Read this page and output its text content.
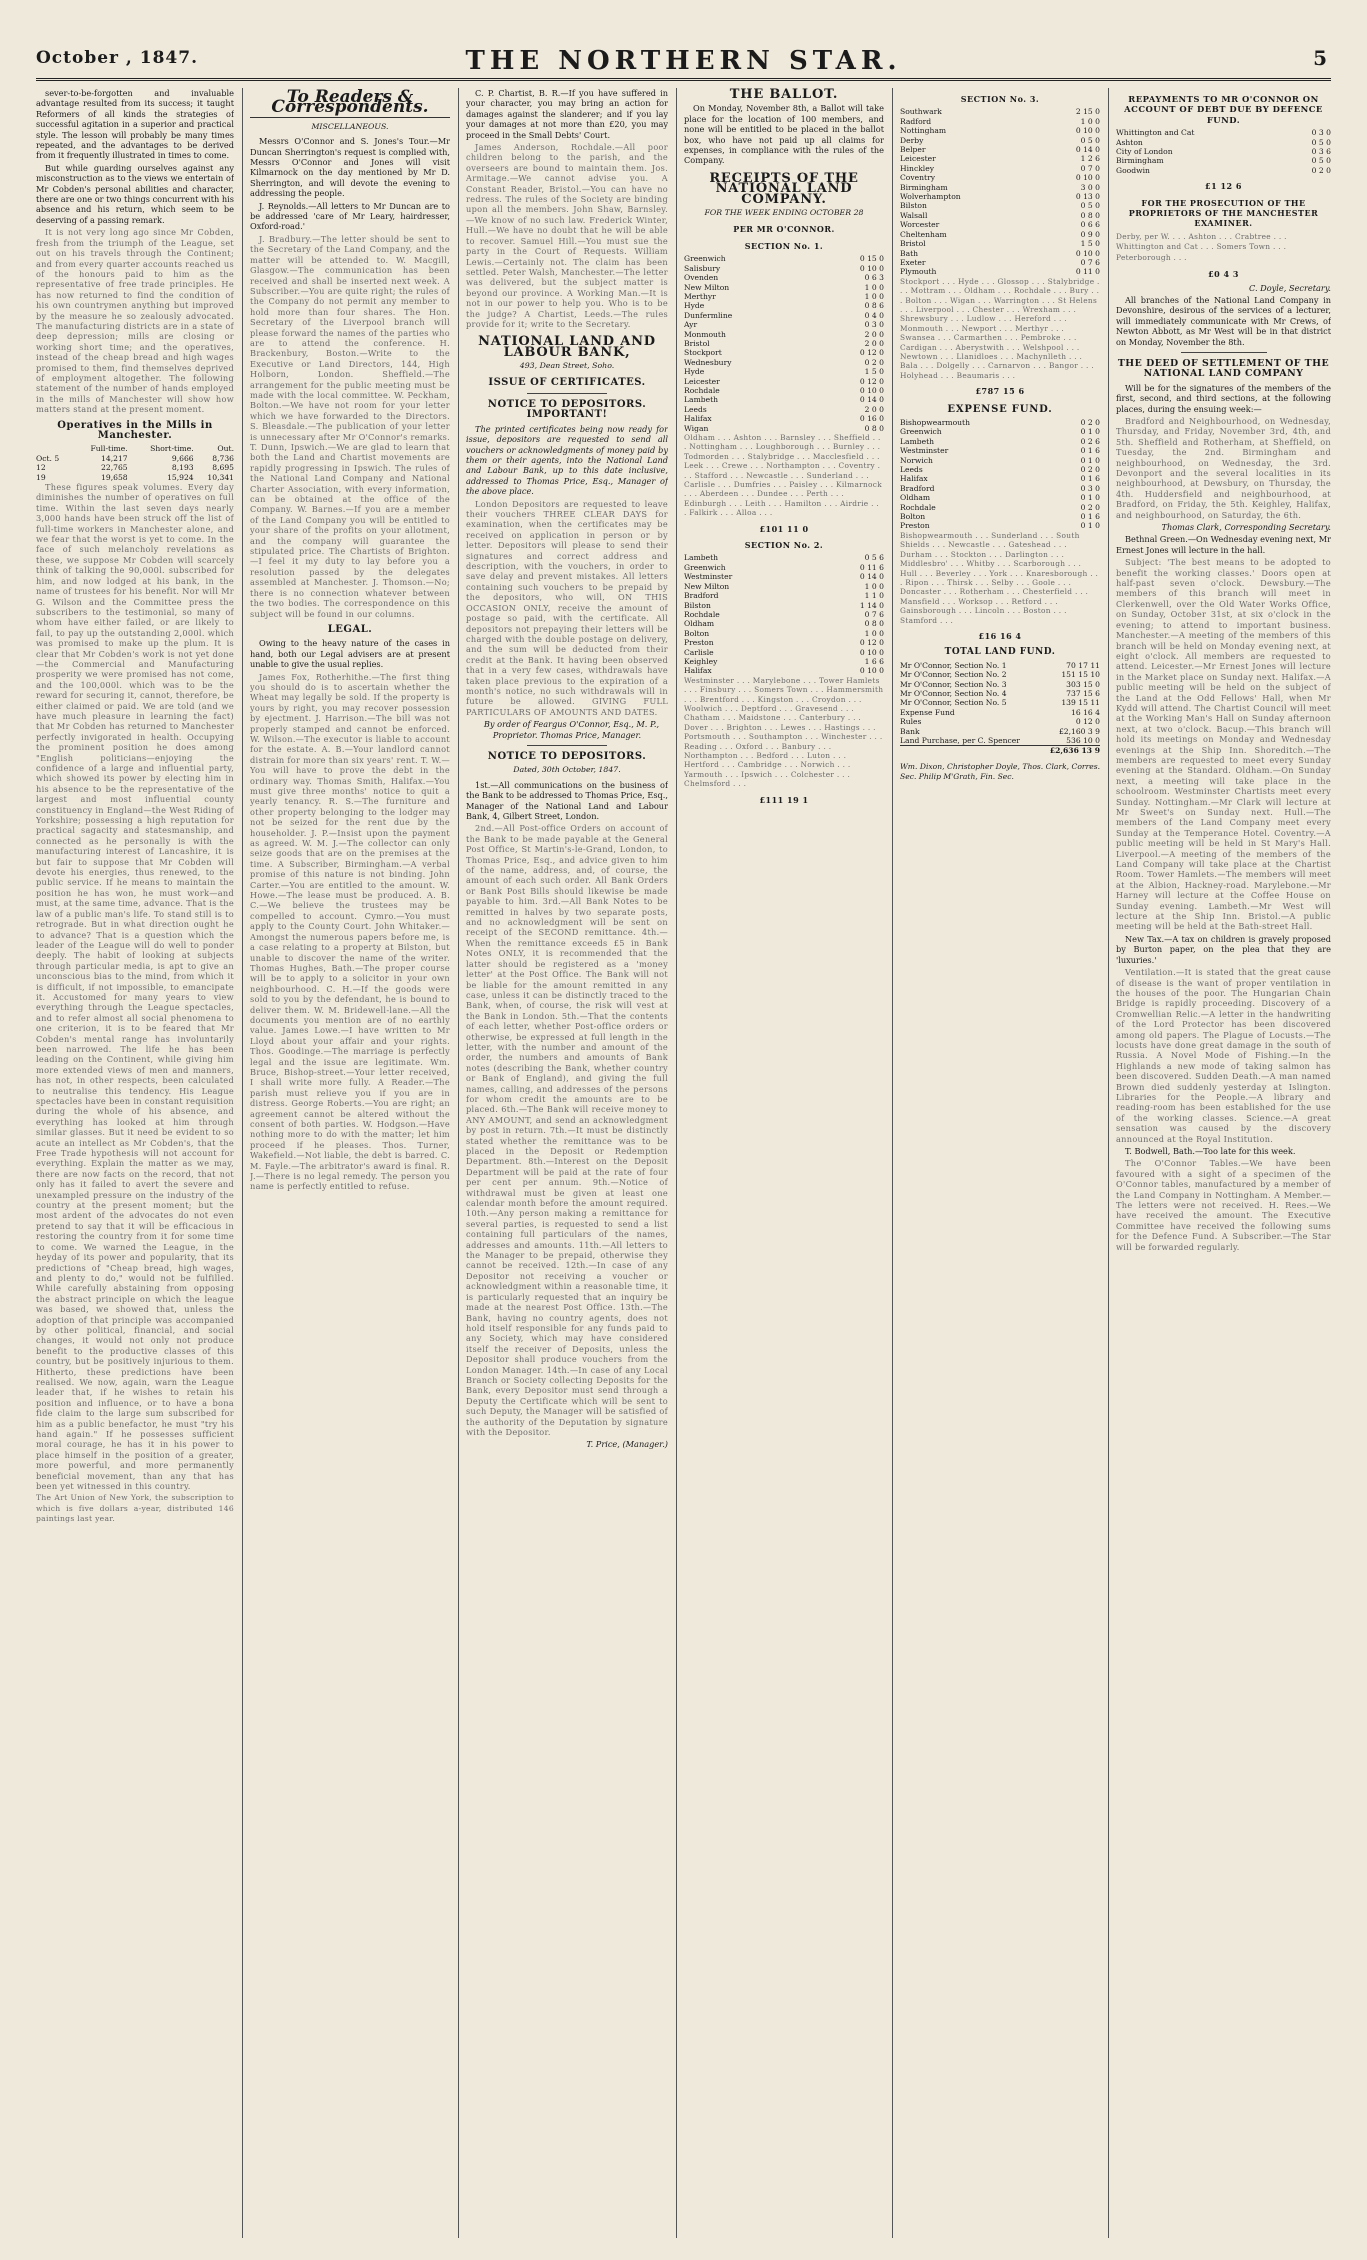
October , 1847.	THE NORTHERN STAR.	5

sever-to-be-forgotten and invaluable advantage resulted from its success; it taught Reformers of all kinds the strategies of successful agitation in a superior and practical style. The lesson will probably be many times repeated, and the advantages to be derived from it frequently illustrated in times to come.

But while guarding ourselves against any misconstruction as to the views we entertain of Mr Cobden's personal abilities and character, there are one or two things concurrent with his absence and his return, which seem to be deserving of a passing remark.

It is not very long ago since Mr Cobden, fresh from the triumph of the League, set out on his travels through the Continent; and from every quarter accounts reached us of the honours paid to him as the representative of free trade principles. He has now returned to find the condition of his own countrymen anything but improved by the measure he so zealously advocated. The manufacturing districts are in a state of deep depression; mills are closing or working short time; and the operatives, instead of the cheap bread and high wages promised to them, find themselves deprived of employment altogether. The following statement of the number of hands employed in the mills of Manchester will show how matters stand at the present moment.

Operatives in the Mills in Manchester.
	Full-time.	Short-time.	Out.
Oct. 5	14,217	9,666	8,736
12	22,765	8,193	8,695
19	19,658	15,924	10,341

These figures speak volumes. Every day diminishes the number of operatives on full time. Within the last seven days nearly 3,000 hands have been struck off the list of full-time workers in Manchester alone, and we fear that the worst is yet to come. In the face of such melancholy revelations as these, we suppose Mr Cobden will scarcely think of talking the 90,000l. subscribed for him, and now lodged at his bank, in the name of trustees for his benefit. Nor will Mr G. Wilson and the Committee press the subscribers to the testimonial, so many of whom have either failed, or are likely to fail, to pay up the outstanding 2,000l. which was promised to make up the plum. It is clear that Mr Cobden's work is not yet done—the Commercial and Manufacturing prosperity we were promised has not come, and the 100,000l. which was to be the reward for securing it, cannot, therefore, be either claimed or paid. We are told (and we have much pleasure in learning the fact) that Mr Cobden has returned to Manchester perfectly invigorated in health. Occupying the prominent position he does among "English politicians—enjoying the confidence of a large and influential party, which showed its power by electing him in his absence to be the representative of the largest and most influential county constituency in England—the West Riding of Yorkshire; possessing a high reputation for practical sagacity and statesmanship, and connected as he personally is with the manufacturing interest of Lancashire, it is but fair to suppose that Mr Cobden will devote his energies, thus renewed, to the public service. If he means to maintain the position he has won, he must work—and must, at the same time, advance. That is the law of a public man's life. To stand still is to retrograde. But in what direction ought he to advance? That is a question which the leader of the League will do well to ponder deeply. The habit of looking at subjects through particular media, is apt to give an unconscious bias to the mind, from which it is difficult, if not impossible, to emancipate it. Accustomed for many years to view everything through the League spectacles, and to refer almost all social phenomena to one criterion, it is to be feared that Mr Cobden's mental range has involuntarily been narrowed. The life he has been leading on the Continent, while giving him more extended views of men and manners, has not, in other respects, been calculated to neutralise this tendency. His League spectacles have been in constant requisition during the whole of his absence, and everything has looked at him through similar glasses. But it need be evident to so acute an intellect as Mr Cobden's, that the Free Trade hypothesis will not account for everything. Explain the matter as we may, there are now facts on the record, that not only has it failed to avert the severe and unexampled pressure on the industry of the country at the present moment; but the most ardent of the advocates do not even pretend to say that it will be efficacious in restoring the country from it for some time to come. We warned the League, in the heyday of its power and popularity, that its predictions of "Cheap bread, high wages, and plenty to do," would not be fulfilled. While carefully abstaining from opposing the abstract principle on which the league was based, we showed that, unless the adoption of that principle was accompanied by other political, financial, and social changes, it would not only not produce benefit to the productive classes of this country, but be positively injurious to them. Hitherto, these predictions have been realised. We now, again, warn the League leader that, if he wishes to retain his position and influence, or to have a bona fide claim to the large sum subscribed for him as a public benefactor, he must "try his hand again." If he possesses sufficient moral courage, he has it in his power to place himself in the position of a greater, more powerful, and more permanently beneficial movement, than any that has been yet witnessed in this country.

The Art Union of New York, the subscription to which is five dollars a-year, distributed 146 paintings last year.

To Readers & Correspondents.
MISCELLANEOUS.

Messrs O'Connor and S. Jones's Tour.—Mr Duncan Sherrington's request is complied with, Messrs O'Connor and Jones will visit Kilmarnock on the day mentioned by Mr D. Sherrington, and will devote the evening to addressing the people.

J. Reynolds.—All letters to Mr Duncan are to be addressed 'care of Mr Leary, hairdresser, Oxford-road.'

J. Bradbury.—The letter should be sent to the Secretary of the Land Company, and the matter will be attended to. W. Macgill, Glasgow.—The communication has been received and shall be inserted next week. A Subscriber.—You are quite right; the rules of the Company do not permit any member to hold more than four shares. The Hon. Secretary of the Liverpool branch will please forward the names of the parties who are to attend the conference. H. Brackenbury, Boston.—Write to the Executive or Land Directors, 144, High Holborn, London. Sheffield.—The arrangement for the public meeting must be made with the local committee. W. Peckham, Bolton.—We have not room for your letter which we have forwarded to the Directors. S. Bleasdale.—The publication of your letter is unnecessary after Mr O'Connor's remarks. T. Dunn, Ipswich.—We are glad to learn that both the Land and Chartist movements are rapidly progressing in Ipswich. The rules of the National Land Company and National Charter Association, with every information, can be obtained at the office of the Company. W. Barnes.—If you are a member of the Land Company you will be entitled to your share of the profits on your allotment, and the company will guarantee the stipulated price. The Chartists of Brighton.—I feel it my duty to lay before you a resolution passed by the delegates assembled at Manchester. J. Thomson.—No; there is no connection whatever between the two bodies. The correspondence on this subject will be found in our columns.

LEGAL.

Owing to the heavy nature of the cases in hand, both our Legal advisers are at present unable to give the usual replies.

James Fox, Rotherhithe.—The first thing you should do is to ascertain whether the Wheat may legally be sold. If the property is yours by right, you may recover possession by ejectment. J. Harrison.—The bill was not properly stamped and cannot be enforced. W. Wilson.—The executor is liable to account for the estate. A. B.—Your landlord cannot distrain for more than six years' rent. T. W.—You will have to prove the debt in the ordinary way. Thomas Smith, Halifax.—You must give three months' notice to quit a yearly tenancy. R. S.—The furniture and other property belonging to the lodger may not be seized for the rent due by the householder. J. P.—Insist upon the payment as agreed. W. M. J.—The collector can only seize goods that are on the premises at the time. A Subscriber, Birmingham.—A verbal promise of this nature is not binding. John Carter.—You are entitled to the amount. W. Howe.—The lease must be produced. A. B. C.—We believe the trustees may be compelled to account. Cymro.—You must apply to the County Court. John Whitaker.—Amongst the numerous papers before me, is a case relating to a property at Bilston, but unable to discover the name of the writer. Thomas Hughes, Bath.—The proper course will be to apply to a solicitor in your own neighbourhood. C. H.—If the goods were sold to you by the defendant, he is bound to deliver them. W. M. Bridewell-lane.—All the documents you mention are of no earthly value. James Lowe.—I have written to Mr Lloyd about your affair and your rights. Thos. Goodinge.—The marriage is perfectly legal and the issue are legitimate. Wm. Bruce, Bishop-street.—Your letter received, I shall write more fully. A Reader.—The parish must relieve you if you are in distress. George Roberts.—You are right; an agreement cannot be altered without the consent of both parties. W. Hodgson.—Have nothing more to do with the matter; let him proceed if he pleases. Thos. Turner, Wakefield.—Not liable, the debt is barred. C. M. Fayle.—The arbitrator's award is final. R. J.—There is no legal remedy. The person you name is perfectly entitled to refuse.

C. P. Chartist, B. R.—If you have suffered in your character, you may bring an action for damages against the slanderer; and if you lay your damages at not more than £20, you may proceed in the Small Debts' Court.

James Anderson, Rochdale.—All poor children belong to the parish, and the overseers are bound to maintain them. Jos. Armitage.—We cannot advise you. A Constant Reader, Bristol.—You can have no redress. The rules of the Society are binding upon all the members. John Shaw, Barnsley.—We know of no such law. Frederick Winter, Hull.—We have no doubt that he will be able to recover. Samuel Hill.—You must sue the party in the Court of Requests. William Lewis.—Certainly not. The claim has been settled. Peter Walsh, Manchester.—The letter was delivered, but the subject matter is beyond our province. A Working Man.—It is not in our power to help you. Who is to be the judge? A Chartist, Leeds.—The rules provide for it; write to the Secretary.

NATIONAL LAND AND LABOUR BANK,
493, Dean Street, Soho.
ISSUE OF CERTIFICATES.
NOTICE TO DEPOSITORS. IMPORTANT!

The printed certificates being now ready for issue, depositors are requested to send all vouchers or acknowledgments of money paid by them or their agents, into the National Land and Labour Bank, up to this date inclusive, addressed to Thomas Price, Esq., Manager of the above place.

London Depositors are requested to leave their vouchers THREE CLEAR DAYS for examination, when the certificates may be received on application in person or by letter. Depositors will please to send their signatures and correct address and description, with the vouchers, in order to save delay and prevent mistakes. All letters containing such vouchers to be prepaid by the depositors, who will, ON THIS OCCASION ONLY, receive the amount of postage so paid, with the certificate. All depositors not prepaying their letters will be charged with the double postage on delivery, and the sum will be deducted from their credit at the Bank. It having been observed that in a very few cases, withdrawals have taken place previous to the expiration of a month's notice, no such withdrawals will in future be allowed. GIVING FULL PARTICULARS OF AMOUNTS AND DATES.

By order of Feargus O'Connor, Esq., M. P., Proprietor. Thomas Price, Manager.

NOTICE TO DEPOSITORS.
Dated, 30th October, 1847.

1st.—All communications on the business of the Bank to be addressed to Thomas Price, Esq., Manager of the National Land and Labour Bank, 4, Gilbert Street, London.

2nd.—All Post-office Orders on account of the Bank to be made payable at the General Post Office, St Martin's-le-Grand, London, to Thomas Price, Esq., and advice given to him of the name, address, and, of course, the amount of each such order. All Bank Orders or Bank Post Bills should likewise be made payable to him. 3rd.—All Bank Notes to be remitted in halves by two separate posts, and no acknowledgment will be sent on receipt of the SECOND remittance. 4th.—When the remittance exceeds £5 in Bank Notes ONLY, it is recommended that the latter should be registered as a 'money letter' at the Post Office. The Bank will not be liable for the amount remitted in any case, unless it can be distinctly traced to the Bank, when, of course, the risk will vest at the Bank in London. 5th.—That the contents of each letter, whether Post-office orders or otherwise, be expressed at full length in the letter, with the number and amount of the order, the numbers and amounts of Bank notes (describing the Bank, whether country or Bank of England), and giving the full names, calling, and addresses of the persons for whom credit the amounts are to be placed. 6th.—The Bank will receive money to ANY AMOUNT, and send an acknowledgment by post in return. 7th.—It must be distinctly stated whether the remittance was to be placed in the Deposit or Redemption Department. 8th.—Interest on the Deposit Department will be paid at the rate of four per cent per annum. 9th.—Notice of withdrawal must be given at least one calendar month before the amount required. 10th.—Any person making a remittance for several parties, is requested to send a list containing full particulars of the names, addresses and amounts. 11th.—All letters to the Manager to be prepaid, otherwise they cannot be received. 12th.—In case of any Depositor not receiving a voucher or acknowledgment within a reasonable time, it is particularly requested that an inquiry be made at the nearest Post Office. 13th.—The Bank, having no country agents, does not hold itself responsible for any funds paid to any Society, which may have considered itself the receiver of Deposits, unless the Depositor shall produce vouchers from the London Manager. 14th.—In case of any Local Branch or Society collecting Deposits for the Bank, every Depositor must send through a Deputy the Certificate which will be sent to such Deputy, the Manager will be satisfied of the authority of the Deputation by signature with the Depositor.

T. Price, (Manager.)

THE BALLOT.

On Monday, November 8th, a Ballot will take place for the location of 100 members, and none will be entitled to be placed in the ballot box, who have not paid up all claims for expenses, in compliance with the rules of the Company.

RECEIPTS OF THE NATIONAL LAND COMPANY.
FOR THE WEEK ENDING OCTOBER 28
PER MR O'CONNOR.
SECTION No. 1.
Greenwich	0 15 0
Salisbury	0 10 0
Ovenden	0 6 3
New Milton	1 0 0
Merthyr	1 0 0
Hyde	0 8 6
Dunfermline	0 4 0
Ayr	0 3 0
Monmouth	2 0 0
Bristol	2 0 0
Stockport	0 12 0
Wednesbury	0 2 0
Hyde	1 5 0
Leicester	0 12 0
Rochdale	0 10 0
Lambeth	0 14 0
Leeds	2 0 0
Halifax	0 16 0
Wigan	0 8 0

Oldham . . . Ashton . . . Barnsley . . . Sheffield . . . Nottingham . . . Loughborough . . . Burnley . . . Todmorden . . . Stalybridge . . . Macclesfield . . . Leek . . . Crewe . . . Northampton . . . Coventry . . . Stafford . . . Newcastle . . . Sunderland . . . Carlisle . . . Dumfries . . . Paisley . . . Kilmarnock . . . Aberdeen . . . Dundee . . . Perth . . . Edinburgh . . . Leith . . . Hamilton . . . Airdrie . . . Falkirk . . . Alloa . . .

£101 11 0
SECTION No. 2.
Lambeth	0 5 6
Greenwich	0 11 6
Westminster	0 14 0
New Milton	1 0 0
Bradford	1 1 0
Bilston	1 14 0
Rochdale	0 7 6
Oldham	0 8 0
Bolton	1 0 0
Preston	0 12 0
Carlisle	0 10 0
Keighley	1 6 6
Halifax	0 10 0

Westminster . . . Marylebone . . . Tower Hamlets . . . Finsbury . . . Somers Town . . . Hammersmith . . . Brentford . . . Kingston . . . Croydon . . . Woolwich . . . Deptford . . . Gravesend . . . Chatham . . . Maidstone . . . Canterbury . . . Dover . . . Brighton . . . Lewes . . . Hastings . . . Portsmouth . . . Southampton . . . Winchester . . . Reading . . . Oxford . . . Banbury . . . Northampton . . . Bedford . . . Luton . . . Hertford . . . Cambridge . . . Norwich . . . Yarmouth . . . Ipswich . . . Colchester . . . Chelmsford . . .

£111 19 1
SECTION No. 3.
Southwark	2 15 0
Radford	1 0 0
Nottingham	0 10 0
Derby	0 5 0
Belper	0 14 0
Leicester	1 2 6
Hinckley	0 7 0
Coventry	0 10 0
Birmingham	3 0 0
Wolverhampton	0 13 0
Bilston	0 5 0
Walsall	0 8 0
Worcester	0 6 6
Cheltenham	0 9 0
Bristol	1 5 0
Bath	0 10 0
Exeter	0 7 6
Plymouth	0 11 0

Stockport . . . Hyde . . . Glossop . . . Stalybridge . . . Mottram . . . Oldham . . . Rochdale . . . Bury . . . Bolton . . . Wigan . . . Warrington . . . St Helens . . . Liverpool . . . Chester . . . Wrexham . . . Shrewsbury . . . Ludlow . . . Hereford . . . Monmouth . . . Newport . . . Merthyr . . . Swansea . . . Carmarthen . . . Pembroke . . . Cardigan . . . Aberystwith . . . Welshpool . . . Newtown . . . Llanidloes . . . Machynlleth . . . Bala . . . Dolgelly . . . Carnarvon . . . Bangor . . . Holyhead . . . Beaumaris . . .

£787 15 6
EXPENSE FUND.
Bishopwearmouth	0 2 0
Greenwich	0 1 0
Lambeth	0 2 6
Westminster	0 1 6
Norwich	0 1 0
Leeds	0 2 0
Halifax	0 1 6
Bradford	0 3 0
Oldham	0 1 0
Rochdale	0 2 0
Bolton	0 1 6
Preston	0 1 0

Bishopwearmouth . . . Sunderland . . . South Shields . . . Newcastle . . . Gateshead . . . Durham . . . Stockton . . . Darlington . . . Middlesbro' . . . Whitby . . . Scarborough . . . Hull . . . Beverley . . . York . . . Knaresborough . . . Ripon . . . Thirsk . . . Selby . . . Goole . . . Doncaster . . . Rotherham . . . Chesterfield . . . Mansfield . . . Worksop . . . Retford . . . Gainsborough . . . Lincoln . . . Boston . . . Stamford . . .

£16 16 4
TOTAL LAND FUND.
Mr O'Connor, Section No. 1	70 17 11
Mr O'Connor, Section No. 2	151 15 10
Mr O'Connor, Section No. 3	303 15 0
Mr O'Connor, Section No. 4	737 15 6
Mr O'Connor, Section No. 5	139 15 11
Expense Fund	16 16 4
Rules	0 12 0
Bank	£2,160 3 9
Land Purchase, per C. Spencer	536 10 0
	£2,636 13 9

Wm. Dixon, Christopher Doyle, Thos. Clark, Corres. Sec. Philip M'Grath, Fin. Sec.

REPAYMENTS TO MR O'CONNOR ON ACCOUNT OF DEBT DUE BY DEFENCE FUND.
Whittington and Cat	0 3 0
Ashton	0 5 0
City of London	0 3 6
Birmingham	0 5 0
Goodwin	0 2 0
£1 12 6
FOR THE PROSECUTION OF THE PROPRIETORS OF THE MANCHESTER EXAMINER.

Derby, per W. . . . Ashton . . . Crabtree . . . Whittington and Cat . . . Somers Town . . . Peterborough . . .

£0 4 3

C. Doyle, Secretary.

All branches of the National Land Company in Devonshire, desirous of the services of a lecturer, will immediately communicate with Mr Crews, of Newton Abbott, as Mr West will be in that district on Monday, November the 8th.

THE DEED OF SETTLEMENT OF THE NATIONAL LAND COMPANY

Will be for the signatures of the members of the first, second, and third sections, at the following places, during the ensuing week:—

Bradford and Neighbourhood, on Wednesday, Thursday, and Friday, November 3rd, 4th, and 5th. Sheffield and Rotherham, at Sheffield, on Tuesday, the 2nd. Birmingham and neighbourhood, on Wednesday, the 3rd. Devonport and the several localities in its neighbourhood, at Dewsbury, on Thursday, the 4th. Huddersfield and neighbourhood, at Bradford, on Friday, the 5th. Keighley, Halifax, and neighbourhood, on Saturday, the 6th.

Thomas Clark, Corresponding Secretary.

Bethnal Green.—On Wednesday evening next, Mr Ernest Jones will lecture in the hall.

Subject: 'The best means to be adopted to benefit the working classes.' Doors open at half-past seven o'clock. Dewsbury.—The members of this branch will meet in Clerkenwell, over the Old Water Works Office, on Sunday, October 31st, at six o'clock in the evening; to attend to important business. Manchester.—A meeting of the members of this branch will be held on Monday evening next, at eight o'clock. All members are requested to attend. Leicester.—Mr Ernest Jones will lecture in the Market place on Sunday next. Halifax.—A public meeting will be held on the subject of the Land at the Odd Fellows' Hall, when Mr Kydd will attend. The Chartist Council will meet at the Working Man's Hall on Sunday afternoon next, at two o'clock. Bacup.—This branch will hold its meetings on Monday and Wednesday evenings at the Ship Inn. Shoreditch.—The members are requested to meet every Sunday evening at the Standard. Oldham.—On Sunday next, a meeting will take place in the schoolroom. Westminster Chartists meet every Sunday. Nottingham.—Mr Clark will lecture at Mr Sweet's on Sunday next. Hull.—The members of the Land Company meet every Sunday at the Temperance Hotel. Coventry.—A public meeting will be held in St Mary's Hall. Liverpool.—A meeting of the members of the Land Company will take place at the Chartist Room. Tower Hamlets.—The members will meet at the Albion, Hackney-road. Marylebone.—Mr Harney will lecture at the Coffee House on Sunday evening. Lambeth.—Mr West will lecture at the Ship Inn. Bristol.—A public meeting will be held at the Bath-street Hall.

New Tax.—A tax on children is gravely proposed by Burton paper, on the plea that they are 'luxuries.'

Ventilation.—It is stated that the great cause of disease is the want of proper ventilation in the houses of the poor. The Hungarian Chain Bridge is rapidly proceeding. Discovery of a Cromwellian Relic.—A letter in the handwriting of the Lord Protector has been discovered among old papers. The Plague of Locusts.—The locusts have done great damage in the south of Russia. A Novel Mode of Fishing.—In the Highlands a new mode of taking salmon has been discovered. Sudden Death.—A man named Brown died suddenly yesterday at Islington. Libraries for the People.—A library and reading-room has been established for the use of the working classes. Science.—A great sensation was caused by the discovery announced at the Royal Institution.

T. Bodwell, Bath.—Too late for this week.

The O'Connor Tables.—We have been favoured with a sight of a specimen of the O'Connor tables, manufactured by a member of the Land Company in Nottingham. A Member.—The letters were not received. H. Rees.—We have received the amount. The Executive Committee have received the following sums for the Defence Fund. A Subscriber.—The Star will be forwarded regularly.
